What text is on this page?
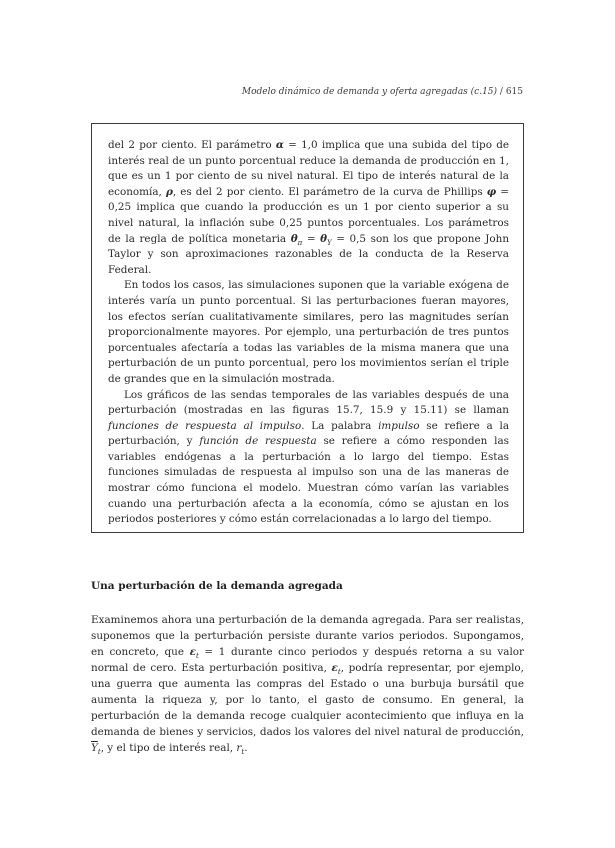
Modelo dinámico de demanda y oferta agregadas (c.15) / 615

del 2 por ciento. El parámetro α = 1,0 implica que una subida del tipo de interés real de un punto porcentual reduce la demanda de producción en 1, que es un 1 por ciento de su nivel natural. El tipo de interés natural de la economía, ρ, es del 2 por ciento. El parámetro de la curva de Phillips φ = 0,25 implica que cuando la producción es un 1 por ciento superior a su nivel natural, la inflación sube 0,25 puntos porcentuales. Los parámetros de la regla de política monetaria $\theta_\pi = \theta_Y = 0,5$ son los que propone John Taylor y son aproximaciones razonables de la conducta de la Reserva Federal.

En todos los casos, las simulaciones suponen que la variable exógena de interés varía un punto porcentual. Si las perturbaciones fueran mayores, los efectos serían cualitativamente similares, pero las magnitudes serían proporcionalmente mayores. Por ejemplo, una perturbación de tres puntos porcentuales afectaría a todas las variables de la misma manera que una perturbación de un punto porcentual, pero los movimientos serían el triple de grandes que en la simulación mostrada.

Los gráficos de las sendas temporales de las variables después de una perturbación (mostradas en las figuras 15.7, 15.9 y 15.11) se llaman funciones de respuesta al impulso. La palabra impulso se refiere a la perturbación, y función de respuesta se refiere a cómo responden las variables endógenas a la perturbación a lo largo del tiempo. Estas funciones simuladas de respuesta al impulso son una de las maneras de mostrar cómo funciona el modelo. Muestran cómo varían las variables cuando una perturbación afecta a la economía, cómo se ajustan en los periodos posteriores y cómo están correlacionadas a lo largo del tiempo.

Una perturbación de la demanda agregada

Examinemos ahora una perturbación de la demanda agregada. Para ser realistas, suponemos que la perturbación persiste durante varios periodos. Supongamos, en concreto, que $\varepsilon_t = 1$ durante cinco periodos y después retorna a su valor normal de cero. Esta perturbación positiva, $\varepsilon_t$, podría representar, por ejemplo, una guerra que aumenta las compras del Estado o una burbuja bursátil que aumenta la riqueza y, por lo tanto, el gasto de consumo. En general, la perturbación de la demanda recoge cualquier acontecimiento que influya en la demanda de bienes y servicios, dados los valores del nivel natural de producción, $\overline{Y}_t$, y el tipo de interés real, $r_t$.
